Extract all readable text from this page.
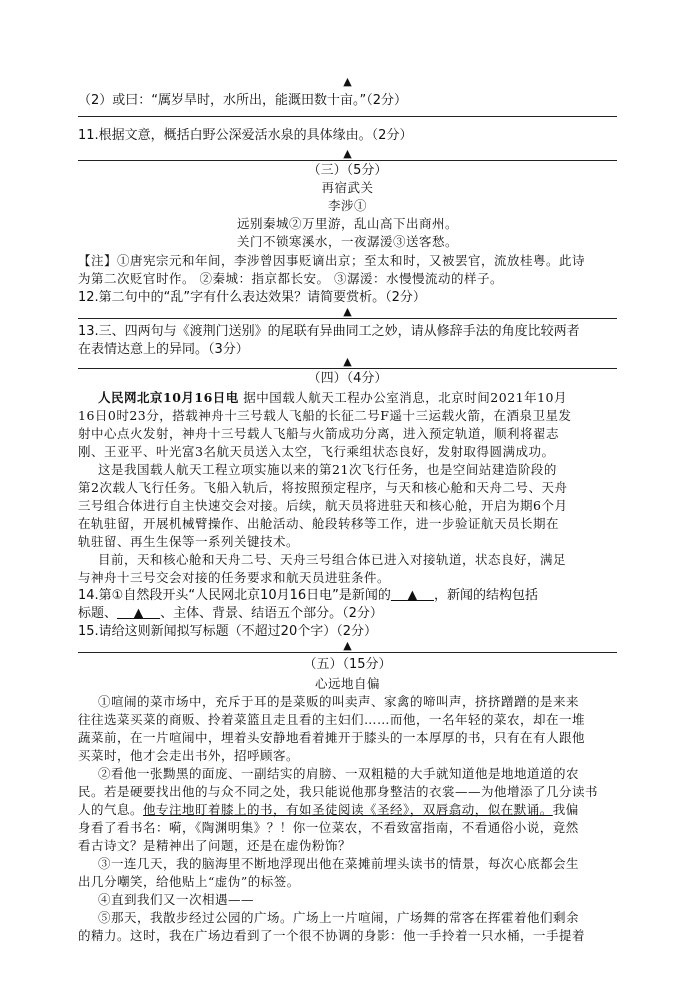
▲
（2）或曰：“厲岁旱时，水所出，能溉田数十亩。”（2分）
11.根据文意，概括白野公深爱活水泉的具体缘由。（2分）
▲
（三）（5分）
再宿武关
李涉①
远别秦城②万里游，乱山高下出商州。
关门不锁寒溪水，一夜潺湲③送客愁。
【注】①唐宪宗元和年间，李涉曾因事贬谪出京；至太和时，又被罢官，流放桂粤。此诗
为第二次贬官时作。 ②秦城：指京都长安。 ③潺湲：水慢慢流动的样子。
12.第二句中的“乱”字有什么表达效果？请简要赏析。（2分）
▲
13.三、四两句与《渡荆门送别》的尾联有异曲同工之妙，请从修辞手法的角度比较两者
在表情达意上的异同。（3分）
▲
（四）（4分）
人民网北京10月16日电 据中国载人航天工程办公室消息，北京时间2021年10月
16日0时23分，搭载神舟十三号载人飞船的长征二号F遥十三运载火箭，在酒泉卫星发
射中心点火发射，神舟十三号载人飞船与火箭成功分离，进入预定轨道，顺利将翟志
刚、王亚平、叶光富3名航天员送入太空，飞行乘组状态良好，发射取得圆满成功。
这是我国载人航天工程立项实施以来的第21次飞行任务，也是空间站建造阶段的
第2次载人飞行任务。飞船入轨后，将按照预定程序，与天和核心舱和天舟二号、天舟
三号组合体进行自主快速交会对接。后续，航天员将进驻天和核心舱，开启为期6个月
在轨驻留，开展机械臂操作、出舱活动、舱段转移等工作，进一步验证航天员长期在
轨驻留、再生生保等一系列关键技术。
目前，天和核心舱和天舟二号、天舟三号组合体已进入对接轨道，状态良好，满足
与神舟十三号交会对接的任务要求和航天员进驻条件。
14.第①自然段开头“人民网北京10月16日电”是新闻的 ▲ ，新闻的结构包括
标题、 ▲ 、主体、背景、结语五个部分。（2分）
15.请给这则新闻拟写标题（不超过20个字）（2分）
▲
（五）（15分）
心远地自偏
①喧闹的菜市场中，充斥于耳的是菜贩的叫卖声、家禽的啼叫声，挤挤蹭蹭的是来来
往往选菜买菜的商贩、拎着菜篮且走且看的主妇们……而他，一名年轻的菜农，却在一堆
蔬菜前，在一片喧闹中，埋着头安静地看着摊开于膝头的一本厚厚的书，只有在有人跟他
买菜时，他才会走出书外，招呼顾客。
②看他一张黝黑的面庞、一副结实的肩膀、一双粗糙的大手就知道他是地地道道的农
民。若是硬要找出他的与众不同之处，我只能说他那身整洁的衣裳——为他增添了几分读书
人的气息。他专注地盯着膝上的书，有如圣徒阅读《圣经》，双唇翕动，似在默诵。我偏
身看了看书名：嗬，《陶渊明集》？！你一位菜农，不看致富指南，不看通俗小说，竟然
看古诗文？是精神出了问题，还是在虚伪粉饰？
③一连几天，我的脑海里不断地浮现出他在菜摊前埋头读书的情景，每次心底都会生
出几分嘲笑，给他贴上“虚伪”的标签。
④直到我们又一次相遇——
⑤那天，我散步经过公园的广场。广场上一片喧闹，广场舞的常客在挥霍着他们剩余
的精力。这时，我在广场边看到了一个很不协调的身影：他一手拎着一只水桶，一手提着
